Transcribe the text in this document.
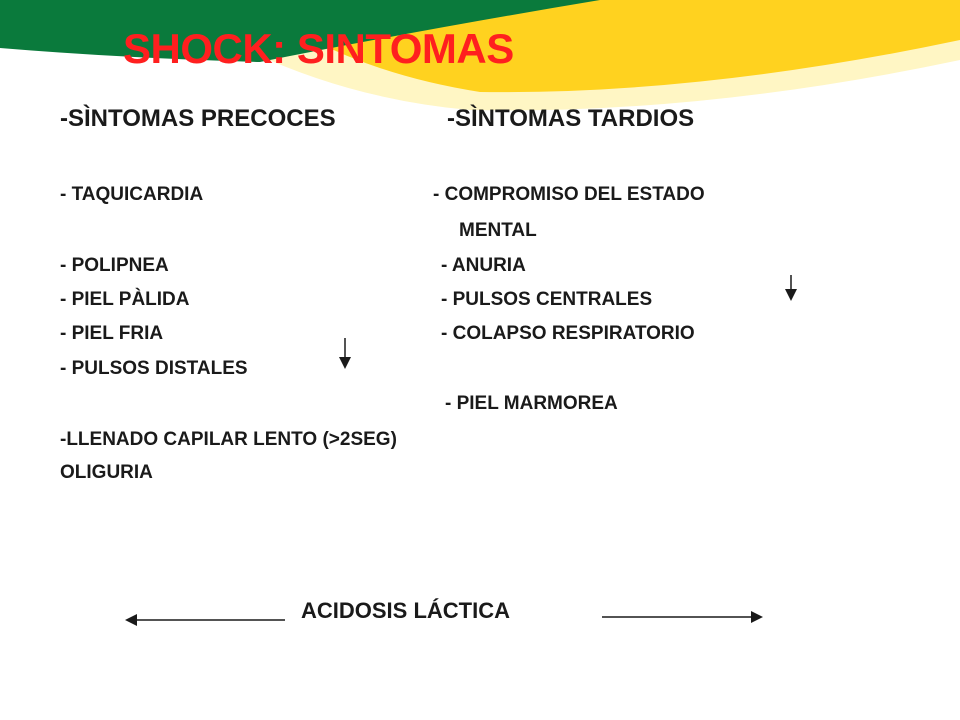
SHOCK: SINTOMAS
-SÌNTOMAS PRECOCES	-SÌNTOMAS TARDIOS
- TAQUICARDIA
- POLIPNEA
- PIEL PÀLIDA
- PIEL FRIA
- PULSOS DISTALES
-LLENADO CAPILAR LENTO (>2SEG)
OLIGURIA
- COMPROMISO DEL ESTADO
MENTAL
- ANURIA
- PULSOS CENTRALES
- COLAPSO RESPIRATORIO
- PIEL MARMOREA
ACIDOSIS LÁCTICA
